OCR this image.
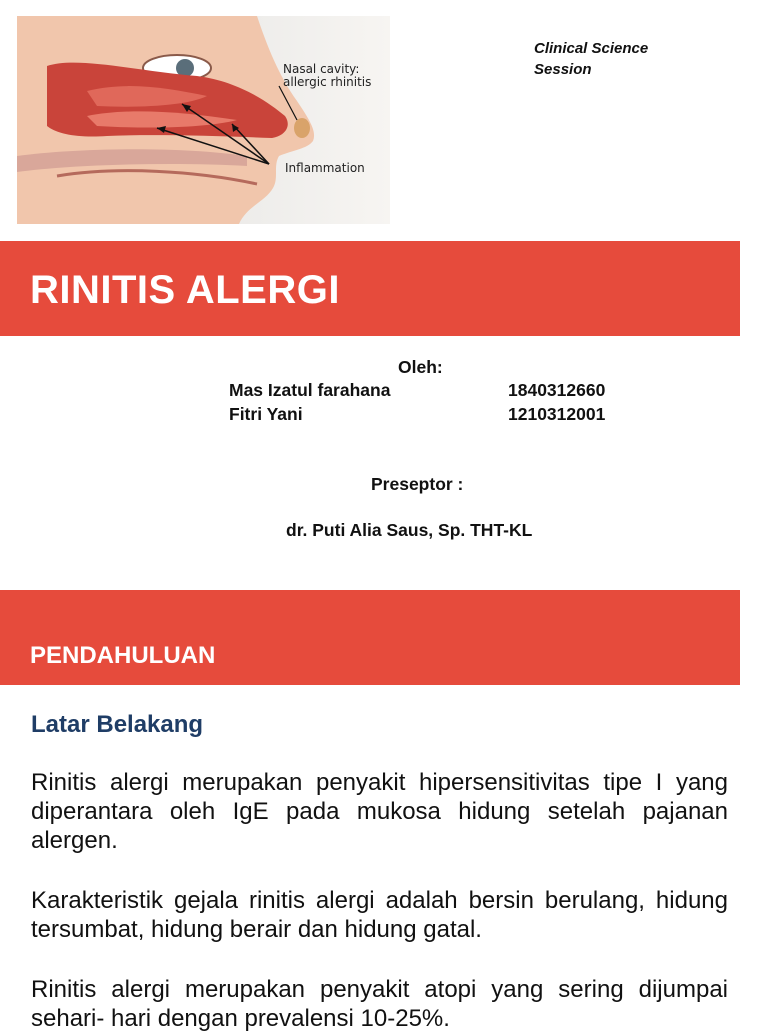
Nasal cavity:
allergic rhinitis
Inflammation
Clinical Science
Session
RINITIS ALERGI
Oleh:
Mas Izatul farahana	1840312660
Fitri Yani	1210312001
Preseptor :
dr. Puti Alia Saus, Sp. THT-KL
PENDAHULUAN
Latar Belakang

Rinitis alergi merupakan penyakit hipersensitivitas tipe I yang diperantara oleh IgE pada mukosa hidung setelah pajanan alergen.

Karakteristik gejala rinitis alergi adalah bersin berulang, hidung tersumbat, hidung berair dan hidung gatal.

Rinitis alergi merupakan penyakit atopi yang sering dijumpai sehari- hari dengan prevalensi 10-25%.
